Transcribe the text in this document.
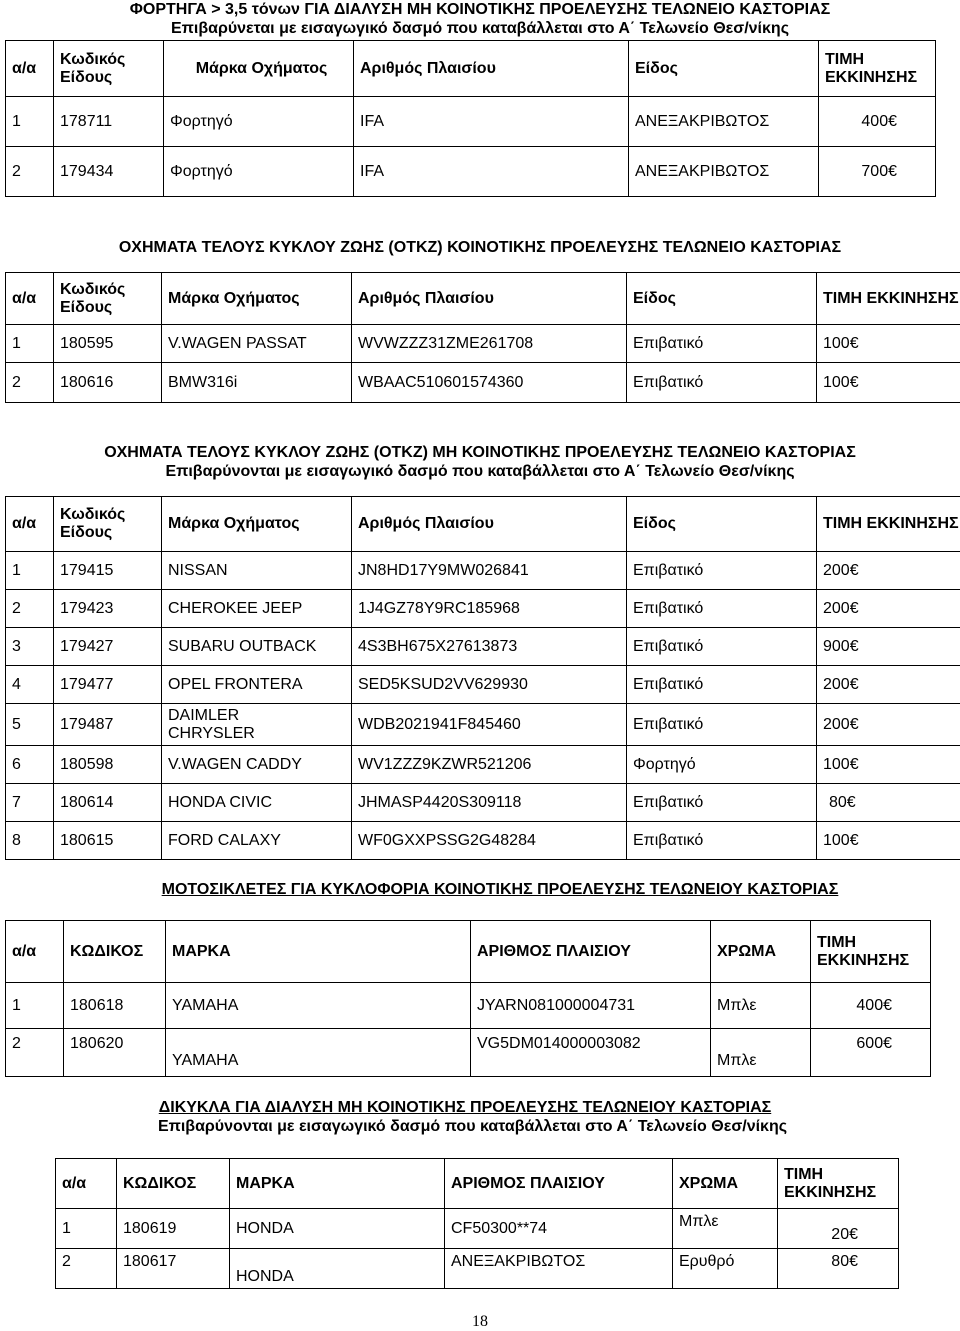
ΦΟΡΤΗΓΑ > 3,5 τόνων ΓΙΑ ΔΙΑΛΥΣΗ ΜΗ ΚΟΙΝΟΤΙΚΗΣ ΠΡΟΕΛΕΥΣΗΣ ΤΕΛΩΝΕΙΟ ΚΑΣΤΟΡΙΑΣ
Επιβαρύνεται με εισαγωγικό δασμό που καταβάλλεται στο Α΄ Τελωνείο Θεσ/νίκης
α/α	Κωδικός Είδους	Μάρκα Οχήματος	Αριθμός Πλαισίου	Είδος	ΤΙΜΗ ΕΚΚΙΝΗΣΗΣ
1	178711	Φορτηγό	IFA	ΑΝΕΞΑΚΡΙΒΩΤΟΣ	400€
2	179434	Φορτηγό	IFA	ΑΝΕΞΑΚΡΙΒΩΤΟΣ	700€
ΟΧΗΜΑΤΑ ΤΕΛΟΥΣ ΚΥΚΛΟΥ ΖΩΗΣ (ΟΤΚΖ) ΚΟΙΝΟΤΙΚΗΣ ΠΡΟΕΛΕΥΣΗΣ ΤΕΛΩΝΕΙΟ ΚΑΣΤΟΡΙΑΣ
α/α	Κωδικός Είδους	Μάρκα Οχήματος	Αριθμός Πλαισίου	Είδος	ΤΙΜΗ ΕΚΚΙΝΗΣΗΣ
1	180595	V.WAGEN PASSAT	WVWZZZ31ZME261708	Επιβατικό	100€
2	180616	BMW316i	WBAAC510601574360	Επιβατικό	100€
ΟΧΗΜΑΤΑ ΤΕΛΟΥΣ ΚΥΚΛΟΥ ΖΩΗΣ (ΟΤΚΖ) ΜΗ ΚΟΙΝΟΤΙΚΗΣ ΠΡΟΕΛΕΥΣΗΣ ΤΕΛΩΝΕΙΟ ΚΑΣΤΟΡΙΑΣ
Επιβαρύνονται με εισαγωγικό δασμό που καταβάλλεται στο Α΄ Τελωνείο Θεσ/νίκης
α/α	Κωδικός Είδους	Μάρκα Οχήματος	Αριθμός Πλαισίου	Είδος	ΤΙΜΗ ΕΚΚΙΝΗΣΗΣ
1	179415	NISSAN	JN8HD17Y9MW026841	Επιβατικό	200€
2	179423	CHEROKEE JEEP	1J4GZ78Y9RC185968	Επιβατικό	200€
3	179427	SUBARU OUTBACK	4S3BH675X27613873	Επιβατικό	900€
4	179477	OPEL FRONTERA	SED5KSUD2VV629930	Επιβατικό	200€
5	179487	DAIMLER CHRYSLER	WDB2021941F845460	Επιβατικό	200€
6	180598	V.WAGEN CADDY	WV1ZZZ9KZWR521206	Φορτηγό	100€
7	180614	HONDA CIVIC	JHMASP4420S309118	Επιβατικό	80€
8	180615	FORD CALAXY	WF0GXXPSSG2G48284	Επιβατικό	100€
ΜΟΤΟΣΙΚΛΕΤΕΣ ΓΙΑ ΚΥΚΛΟΦΟΡΙΑ ΚΟΙΝΟΤΙΚΗΣ ΠΡΟΕΛΕΥΣΗΣ ΤΕΛΩΝΕΙΟΥ ΚΑΣΤΟΡΙΑΣ
α/α	ΚΩΔΙΚΟΣ	ΜΑΡΚΑ	ΑΡΙΘΜΟΣ ΠΛΑΙΣΙΟΥ	ΧΡΩΜΑ	ΤΙΜΗ ΕΚΚΙΝΗΣΗΣ
1	180618	YAMAHA	JYARN081000004731	Μπλε	400€
2	180620	YAMAHA	VG5DM014000003082	Μπλε	600€
ΔΙΚΥΚΛΑ ΓΙΑ ΔΙΑΛΥΣΗ ΜΗ ΚΟΙΝΟΤΙΚΗΣ ΠΡΟΕΛΕΥΣΗΣ ΤΕΛΩΝΕΙΟΥ ΚΑΣΤΟΡΙΑΣ
Επιβαρύνονται με εισαγωγικό δασμό που καταβάλλεται στο Α΄ Τελωνείο Θεσ/νίκης
α/α	ΚΩΔΙΚΟΣ	ΜΑΡΚΑ	ΑΡΙΘΜΟΣ ΠΛΑΙΣΙΟΥ	ΧΡΩΜΑ	ΤΙΜΗ ΕΚΚΙΝΗΣΗΣ
1	180619	HONDA	CF50300**74	Μπλε	20€
2	180617	HONDA	ΑΝΕΞΑΚΡΙΒΩΤΟΣ	Ερυθρό	80€
18
